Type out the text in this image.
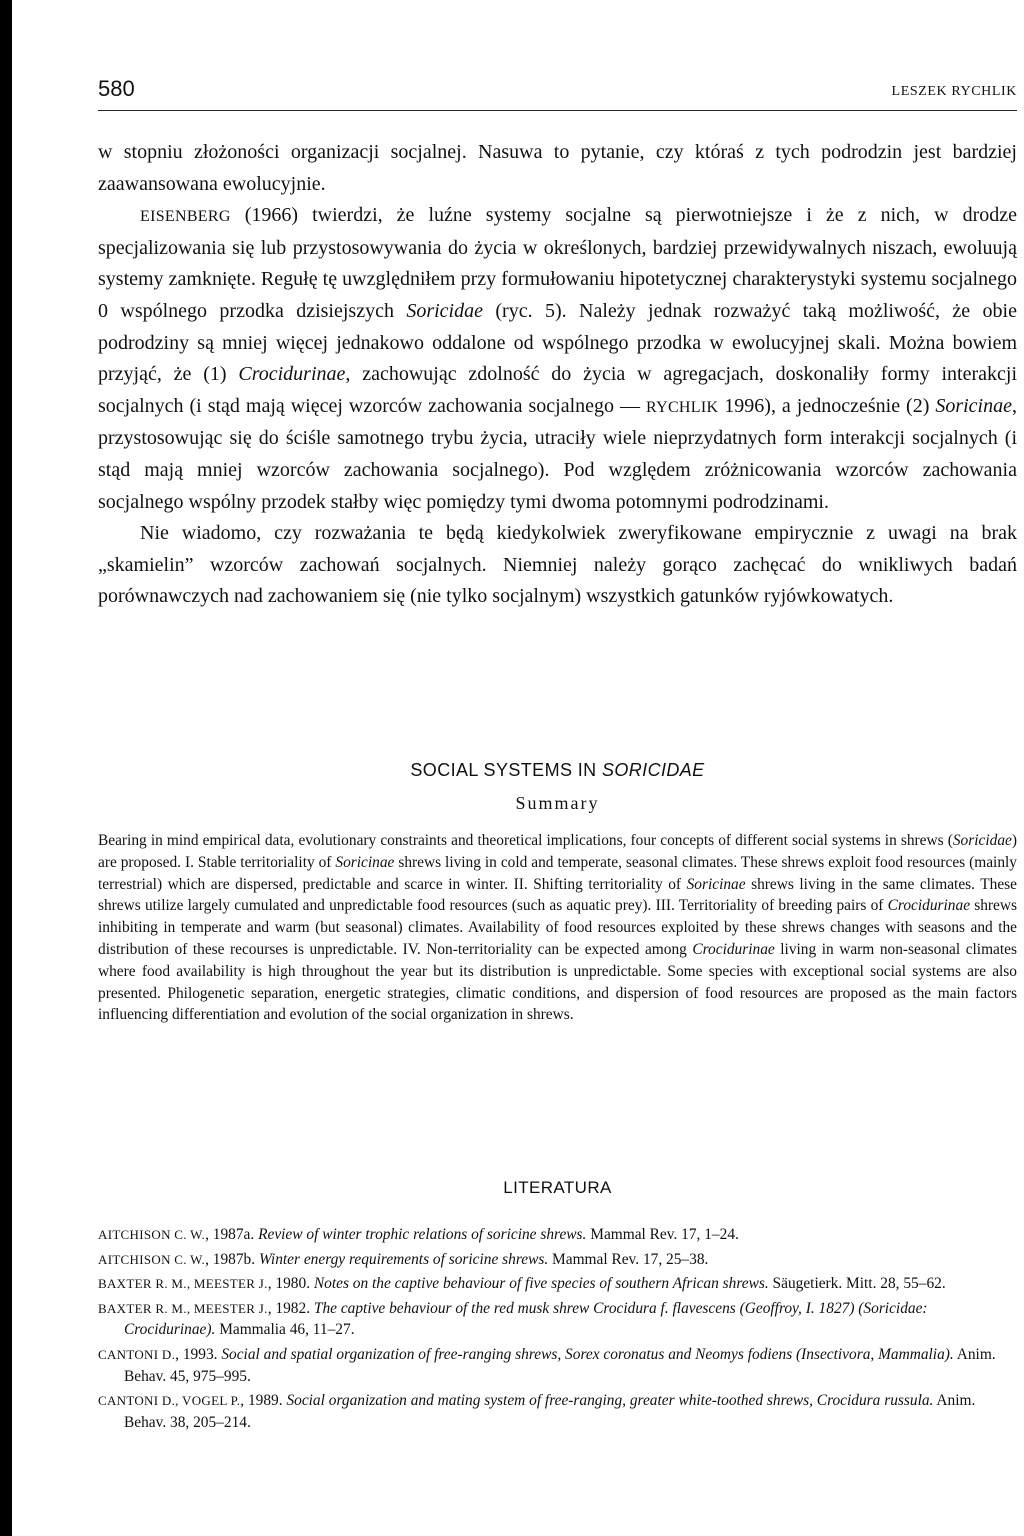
580	LESZEK RYCHLIK

w stopniu złożoności organizacji socjalnej. Nasuwa to pytanie, czy któraś z tych podrodzin jest bardziej zaawansowana ewolucyjnie.

EISENBERG (1966) twierdzi, że luźne systemy socjalne są pierwotniejsze i że z nich, w drodze specjalizowania się lub przystosowywania do życia w określonych, bardziej przewidywalnych niszach, ewoluują systemy zamknięte. Regułę tę uwzględniłem przy formułowaniu hipotetycznej charakterystyki systemu socjalnego 0 wspólnego przodka dzisiejszych Soricidae (ryc. 5). Należy jednak rozważyć taką możliwość, że obie podrodziny są mniej więcej jednakowo oddalone od wspólnego przodka w ewolucyjnej skali. Można bowiem przyjąć, że (1) Crocidurinae, zachowując zdolność do życia w agregacjach, doskonaliły formy interakcji socjalnych (i stąd mają więcej wzorców zachowania socjalnego — RYCHLIK 1996), a jednocześnie (2) Soricinae, przystosowując się do ściśle samotnego trybu życia, utraciły wiele nieprzydatnych form interakcji socjalnych (i stąd mają mniej wzorców zachowania socjalnego). Pod względem zróżnicowania wzorców zachowania socjalnego wspólny przodek stałby więc pomiędzy tymi dwoma potomnymi podrodzinami.

Nie wiadomo, czy rozważania te będą kiedykolwiek zweryfikowane empirycznie z uwagi na brak „skamielin” wzorców zachowań socjalnych. Niemniej należy gorąco zachęcać do wnikliwych badań porównawczych nad zachowaniem się (nie tylko socjalnym) wszystkich gatunków ryjówkowatych.

SOCIAL SYSTEMS IN SORICIDAE
Summary

Bearing in mind empirical data, evolutionary constraints and theoretical implications, four concepts of different social systems in shrews (Soricidae) are proposed. I. Stable territoriality of Soricinae shrews living in cold and temperate, seasonal climates. These shrews exploit food resources (mainly terrestrial) which are dispersed, predictable and scarce in winter. II. Shifting territoriality of Soricinae shrews living in the same climates. These shrews utilize largely cumulated and unpredictable food resources (such as aquatic prey). III. Territoriality of breeding pairs of Crocidurinae shrews inhibiting in temperate and warm (but seasonal) climates. Availability of food resources exploited by these shrews changes with seasons and the distribution of these recourses is unpredictable. IV. Non-territoriality can be expected among Crocidurinae living in warm non-seasonal climates where food availability is high throughout the year but its distribution is unpredictable. Some species with exceptional social systems are also presented. Philogenetic separation, energetic strategies, climatic conditions, and dispersion of food resources are proposed as the main factors influencing differentiation and evolution of the social organization in shrews.

LITERATURA
AITCHISON C. W., 1987a. Review of winter trophic relations of soricine shrews. Mammal Rev. 17, 1–24.
AITCHISON C. W., 1987b. Winter energy requirements of soricine shrews. Mammal Rev. 17, 25–38.
BAXTER R. M., MEESTER J., 1980. Notes on the captive behaviour of five species of southern African shrews. Säugetierk. Mitt. 28, 55–62.
BAXTER R. M., MEESTER J., 1982. The captive behaviour of the red musk shrew Crocidura f. flavescens (Geoffroy, I. 1827) (Soricidae: Crocidurinae). Mammalia 46, 11–27.
CANTONI D., 1993. Social and spatial organization of free-ranging shrews, Sorex coronatus and Neomys fodiens (Insectivora, Mammalia). Anim. Behav. 45, 975–995.
CANTONI D., VOGEL P., 1989. Social organization and mating system of free-ranging, greater white-toothed shrews, Crocidura russula. Anim. Behav. 38, 205–214.
